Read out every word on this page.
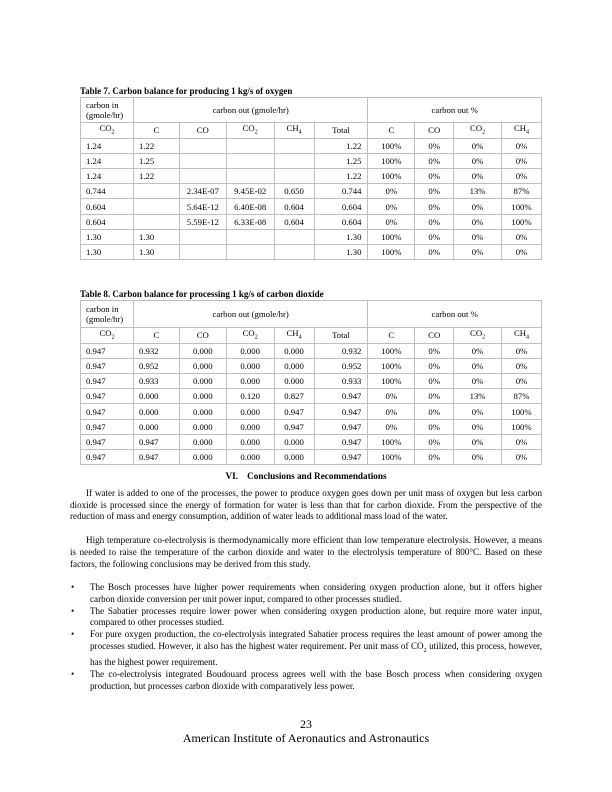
Table 7. Carbon balance for producing 1 kg/s of oxygen
carbon in (gmole/hr)	carbon out (gmole/hr)					carbon out %			
$CO_2$	C	CO	$CO_2$	$CH_4$	Total	C	CO	$CO_2$	$CH_4$
1.24	1.22				1.22	100%	0%	0%	0%
1.24	1.25				1.25	100%	0%	0%	0%
1.24	1.22				1.22	100%	0%	0%	0%
0.744		2.34E-07	9.45E-02	0.650	0.744	0%	0%	13%	87%
0.604		5.64E-12	6.40E-08	0.604	0.604	0%	0%	0%	100%
0.604		5.59E-12	6.33E-08	0.604	0.604	0%	0%	0%	100%
1.30	1.30				1.30	100%	0%	0%	0%
1.30	1.30				1.30	100%	0%	0%	0%
Table 8. Carbon balance for processing 1 kg/s of carbon dioxide
carbon in (gmole/hr)	carbon out (gmole/hr)					carbon out %			
$CO_2$	C	CO	$CO_2$	$CH_4$	Total	C	CO	$CO_2$	$CH_4$
0.947	0.932	0.000	0.000	0.000	0.932	100%	0%	0%	0%
0.947	0.952	0.000	0.000	0.000	0.952	100%	0%	0%	0%
0.947	0.933	0.000	0.000	0.000	0.933	100%	0%	0%	0%
0.947	0.000	0.000	0.120	0.827	0.947	0%	0%	13%	87%
0.947	0.000	0.000	0.000	0.947	0.947	0%	0%	0%	100%
0.947	0.000	0.000	0.000	0.947	0.947	0%	0%	0%	100%
0.947	0.947	0.000	0.000	0.000	0.947	100%	0%	0%	0%
0.947	0.947	0.000	0.000	0.000	0.947	100%	0%	0%	0%
VI. Conclusions and Recommendations

If water is added to one of the processes, the power to produce oxygen goes down per unit mass of oxygen but less carbon dioxide is processed since the energy of formation for water is less than that for carbon dioxide. From the perspective of the reduction of mass and energy consumption, addition of water leads to additional mass load of the water.

High temperature co-electrolysis is thermodynamically more efficient than low temperature electrolysis. However, a means is needed to raise the temperature of the carbon dioxide and water to the electrolysis temperature of 800°C. Based on these factors, the following conclusions may be derived from this study.

• The Bosch processes have higher power requirements when considering oxygen production alone, but it offers higher carbon dioxide conversion per unit power input, compared to other processes studied.
• The Sabatier processes require lower power when considering oxygen production alone, but require more water input, compared to other processes studied.
• For pure oxygen production, the co-electrolysis integrated Sabatier process requires the least amount of power among the processes studied. However, it also has the highest water requirement. Per unit mass of $CO_2$ utilized, this process, however, has the highest power requirement.
• The co-electrolysis integrated Boudouard process agrees well with the base Bosch process when considering oxygen production, but processes carbon dioxide with comparatively less power.
23
American Institute of Aeronautics and Astronautics
